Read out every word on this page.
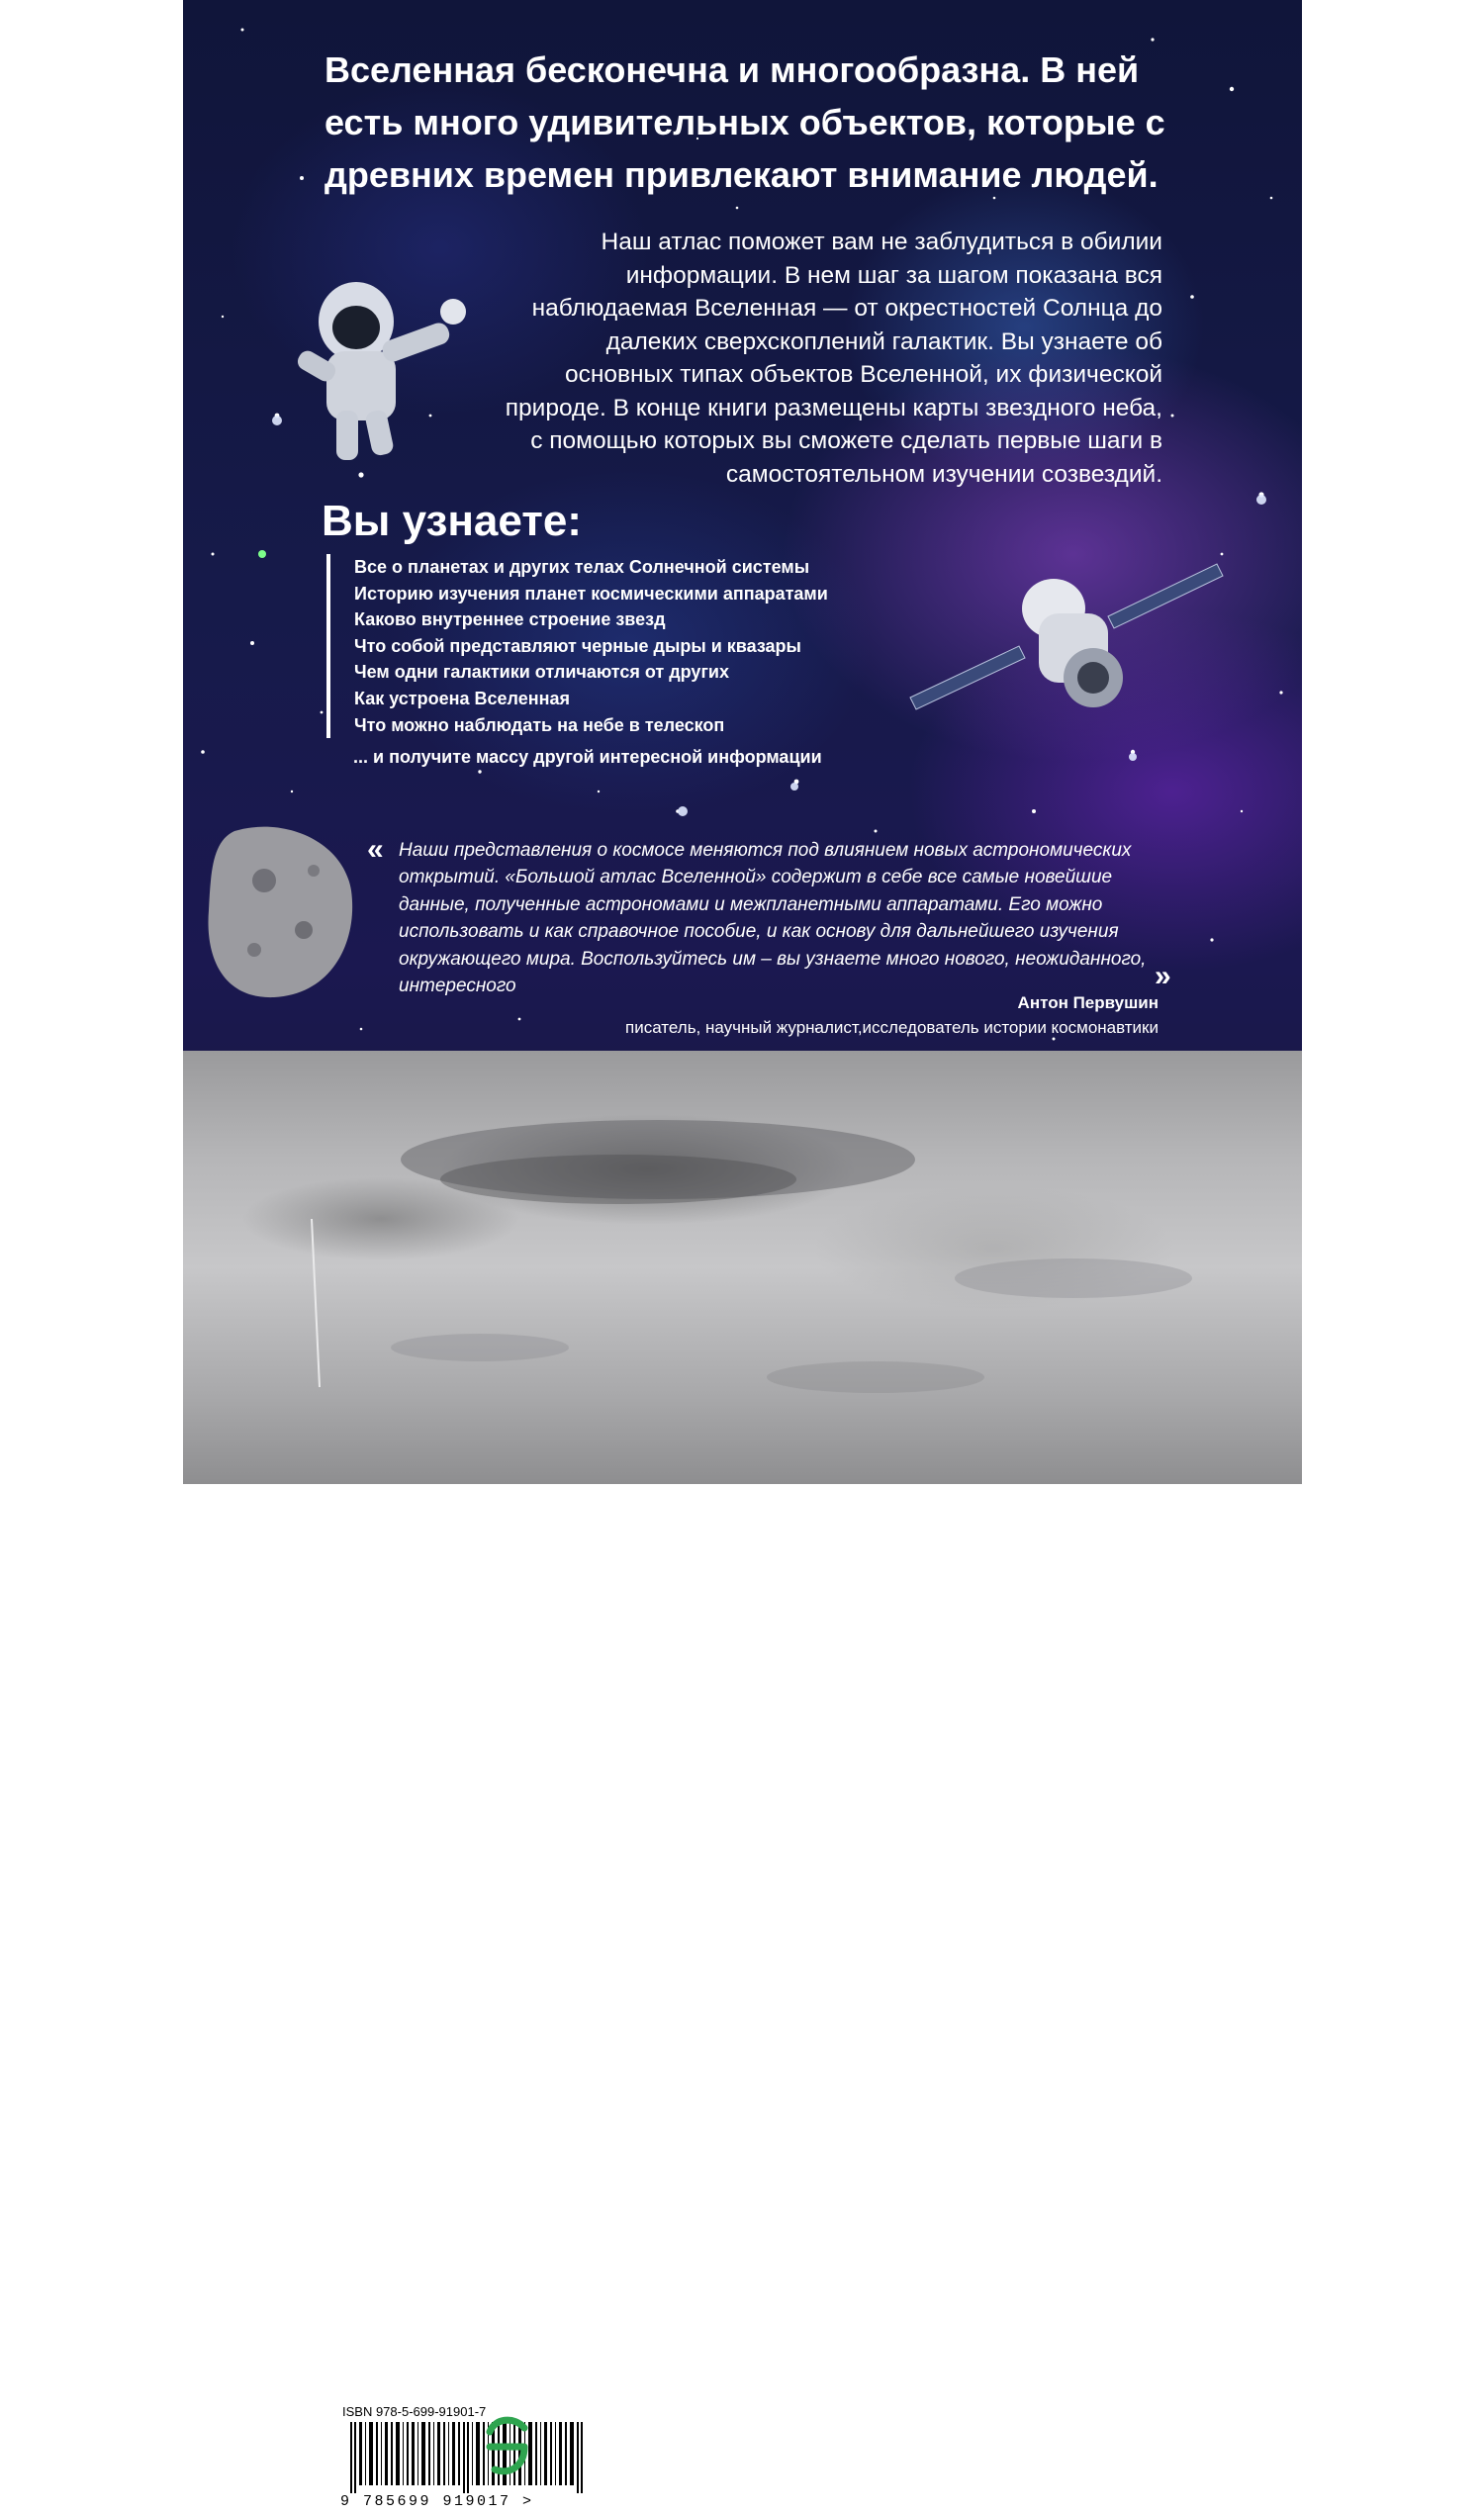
Вселенная бесконечна и многообразна. В ней есть много удивительных объектов, которые с древних времен привлекают внимание людей.

Наш атлас поможет вам не заблудиться в обилии информации. В нем шаг за шагом показана вся наблюдаемая Вселенная — от окрестностей Солнца до далеких сверхскоплений галактик. Вы узнаете об основных типах объектов Вселенной, их физической природе. В конце книги размещены карты звездного неба, с помощью которых вы сможете сделать первые шаги в самостоятельном изучении созвездий.

Вы узнаете:
Все о планетах и других телах Солнечной системы
Историю изучения планет космическими аппаратами
Каково внутреннее строение звезд
Что собой представляют черные дыры и квазары
Чем одни галактики отличаются от других
Как устроена Вселенная
Что можно наблюдать на небе в телескоп

... и получите массу другой интересной информации

« Наши представления о космосе меняются под влиянием новых астрономических открытий. «Большой атлас Вселенной» содержит в себе все самые новейшие данные, полученные астрономами и межпланетными аппаратами. Его можно использовать и как справочное пособие, и как основу для дальнейшего изучения окружающего мира. Воспользуйтесь им – вы узнаете много нового, неожиданного, интересного	»

Антон Первушин

писатель, научный журналист,исследователь истории космонавтики

ISBN 978-5-699-91901-7

9 785699 919017 >
